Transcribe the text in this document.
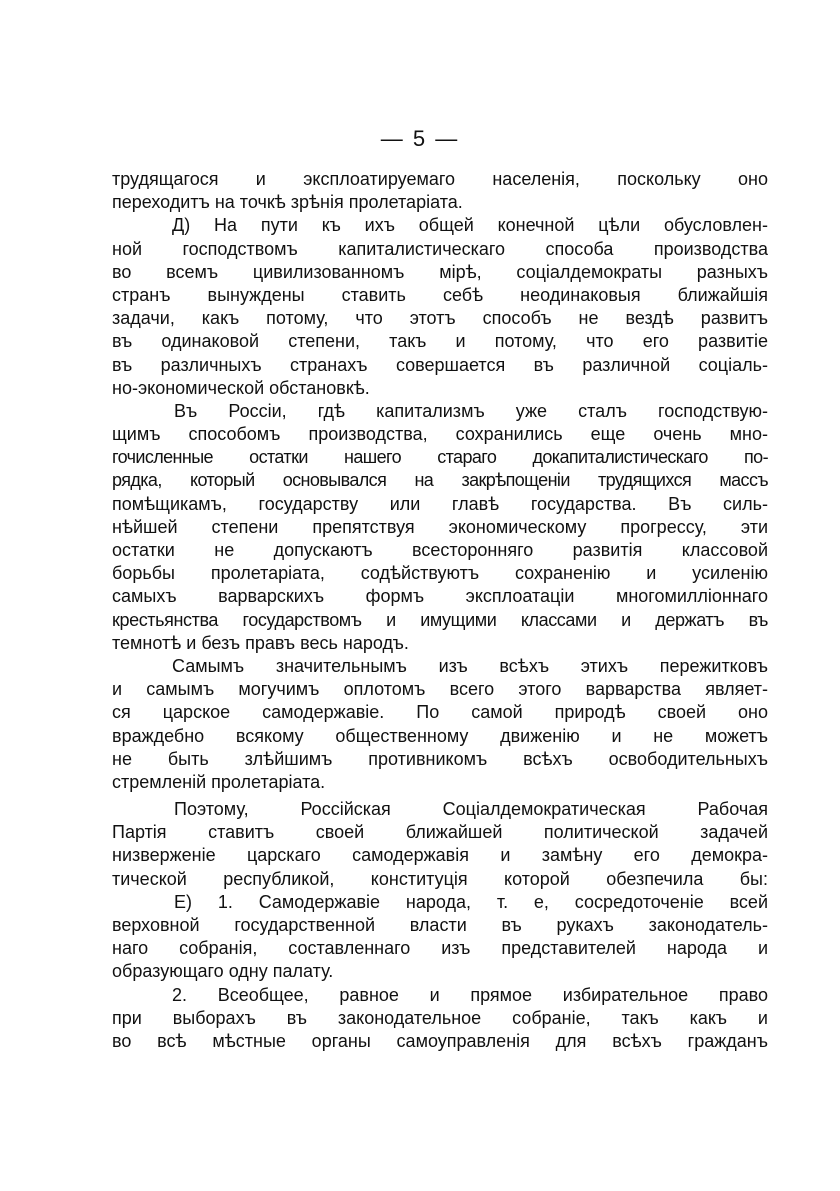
— 5 —
трудящагося и эксплоатируемаго населенія, поскольку оно
переходитъ на точкѣ зрѣнія пролетаріата.
Д) На пути къ ихъ общей конечной цѣли обусловлен-
ной господствомъ капиталистическаго способа производства
во всемъ цивилизованномъ мірѣ, соціалдемократы разныхъ
странъ вынуждены ставить себѣ неодинаковыя ближайшія
задачи, какъ потому, что этотъ способъ не вездѣ развитъ
въ одинаковой степени, такъ и потому, что его развитіе
въ различныхъ странахъ совершается въ различной соціаль-
но-экономической обстановкѣ.
Въ Россіи, гдѣ капитализмъ уже сталъ господствую-
щимъ способомъ производства, сохранились еще очень мно-
гочисленные остатки нашего стараго докапиталистическаго по-
рядка, который основывался на закрѣпощеніи трудящихся массъ
помѣщикамъ, государству или главѣ государства. Въ силь-
нѣйшей степени препятствуя экономическому прогрессу, эти
остатки не допускаютъ всесторонняго развитія классовой
борьбы пролетаріата, содѣйствуютъ сохраненію и усиленію
самыхъ варварскихъ формъ эксплоатаціи многомилліоннаго
крестьянства государствомъ и имущими классами и держатъ въ
темнотѣ и безъ правъ весь народъ.
Самымъ значительнымъ изъ всѣхъ этихъ пережитковъ
и самымъ могучимъ оплотомъ всего этого варварства являет-
ся царское самодержавіе. По самой природѣ своей оно
враждебно всякому общественному движенію и не можетъ
не быть злѣйшимъ противникомъ всѣхъ освободительныхъ
стремленій пролетаріата.
Поэтому, Россійская Соціалдемократическая Рабочая
Партія ставитъ своей ближайшей политической задачей
низверженіе царскаго самодержавія и замѣну его демокра-
тической республикой, конституція которой обезпечила бы:
Е) 1. Самодержавіе народа, т. е, сосредоточеніе всей
верховной государственной власти въ рукахъ законодатель-
наго собранія, составленнаго изъ представителей народа и
образующаго одну палату.
2. Всеобщее, равное и прямое избирательное право
при выборахъ въ законодательное собраніе, такъ какъ и
во всѣ мѣстные органы самоуправленія для всѣхъ гражданъ
